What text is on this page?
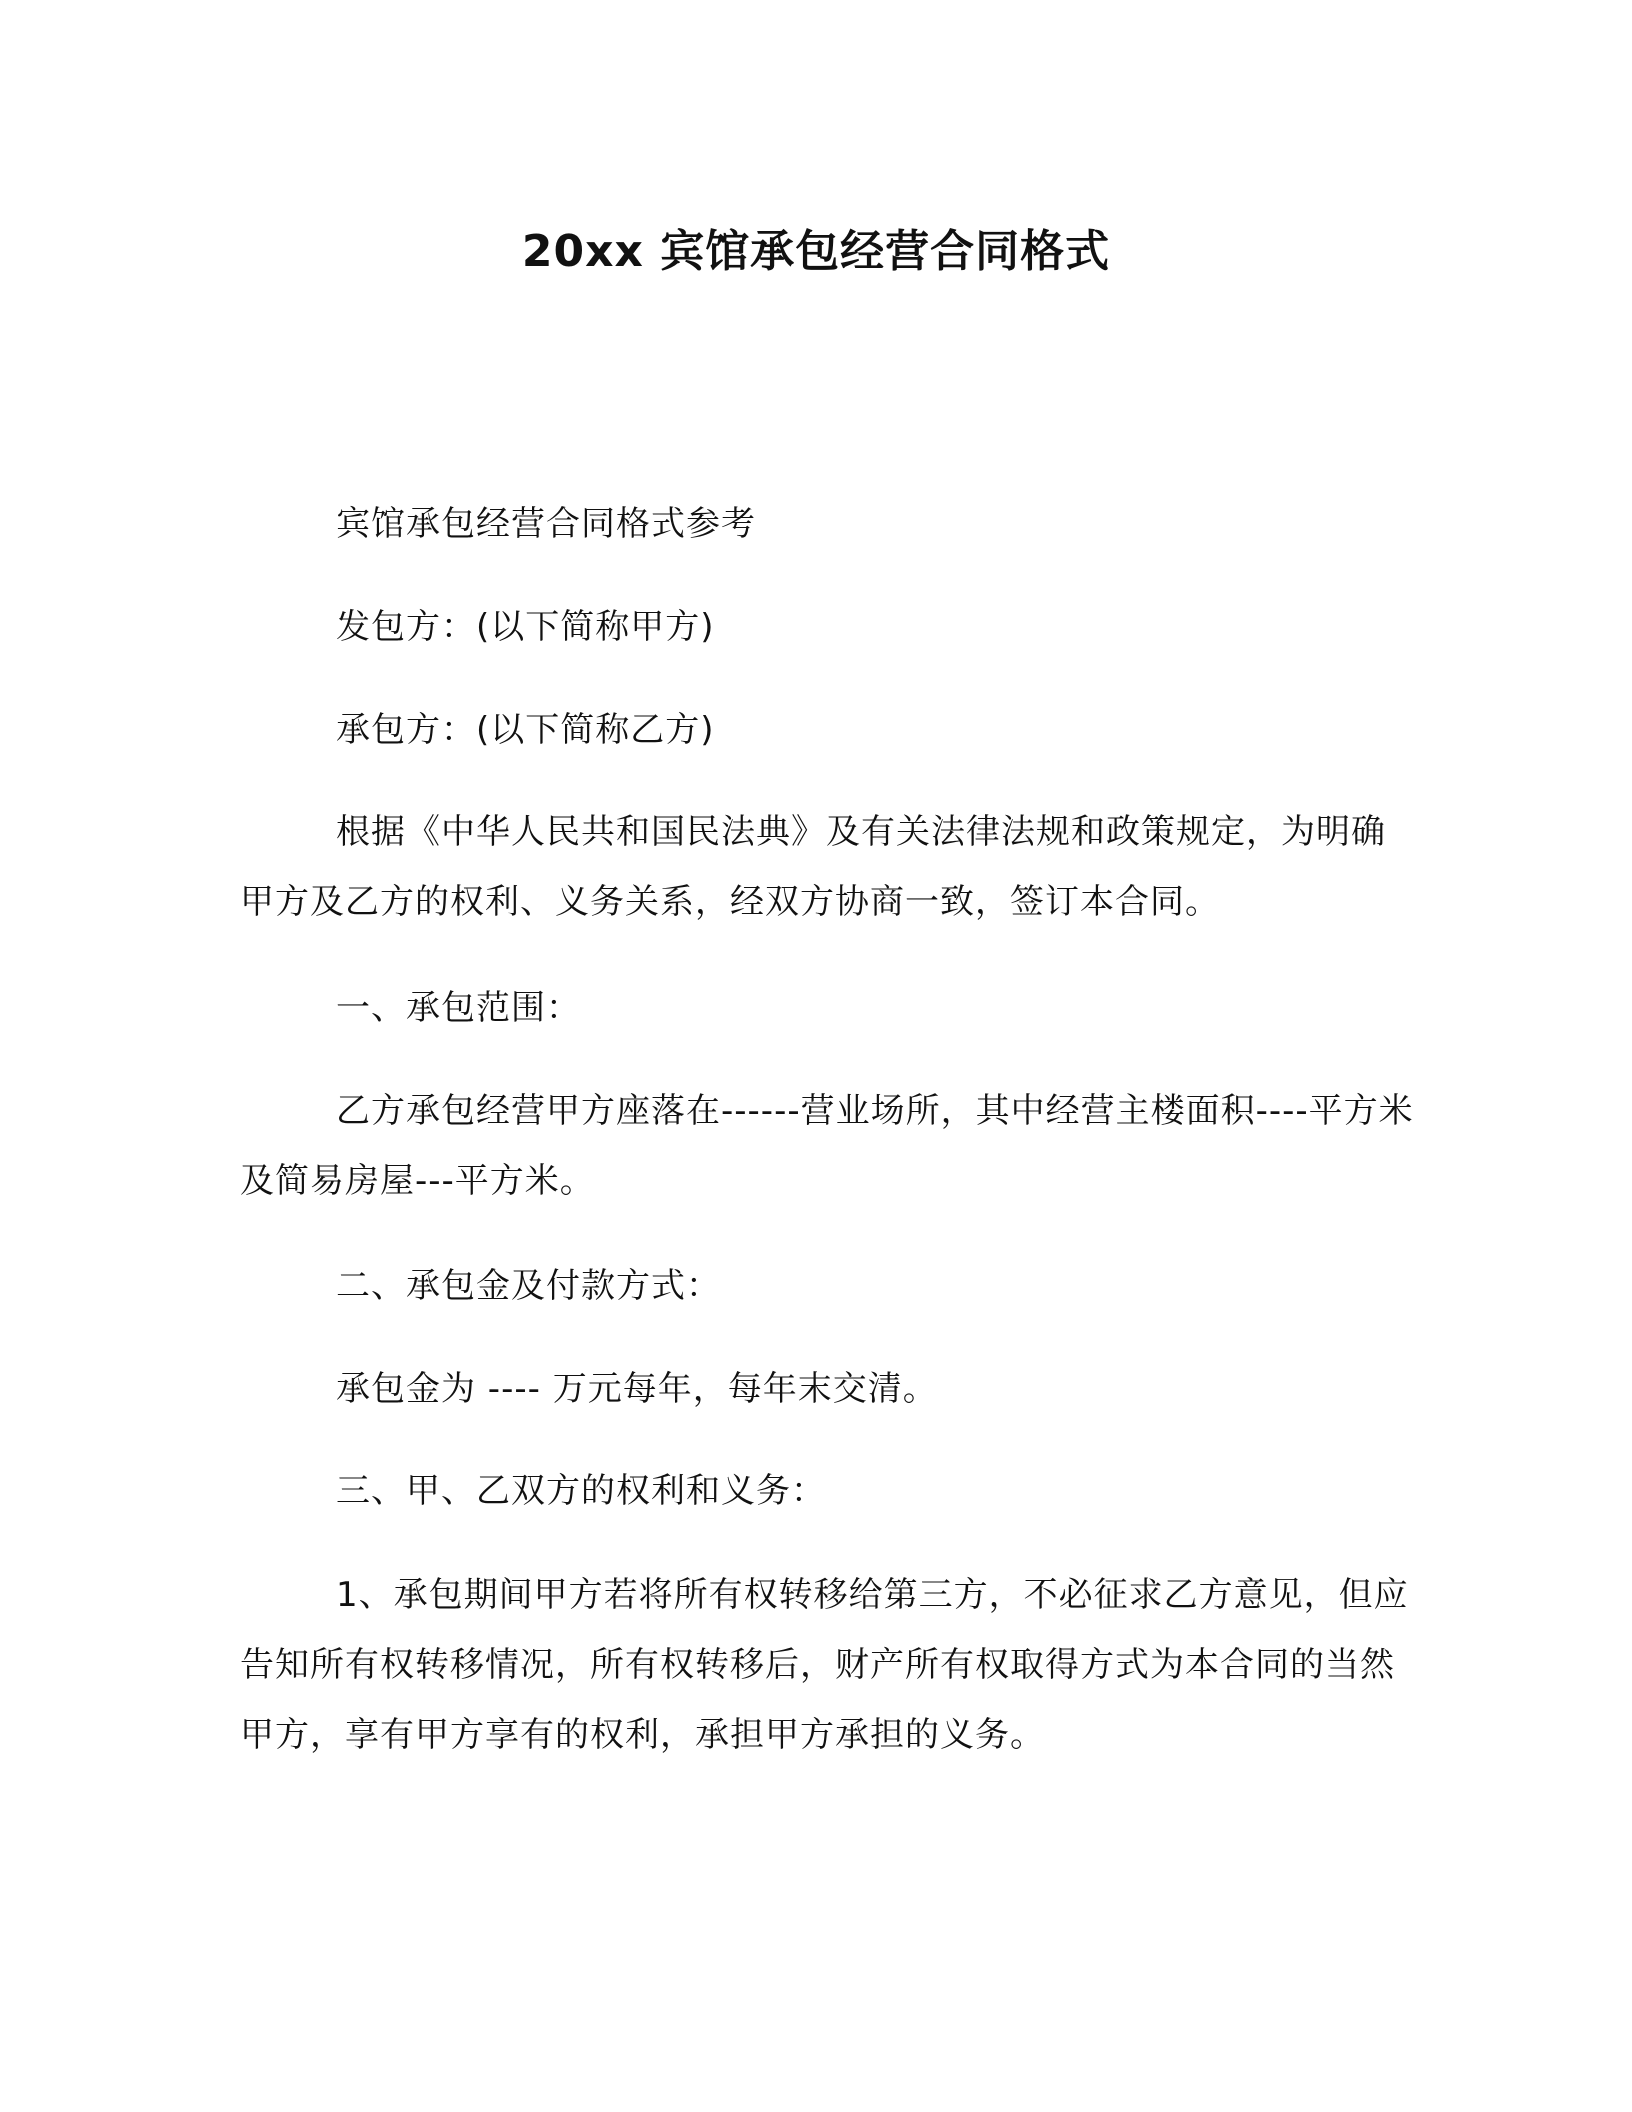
20xx 宾馆承包经营合同格式

宾馆承包经营合同格式参考

发包方：(以下简称甲方)

承包方：(以下简称乙方)

根据《中华人民共和国民法典》及有关法律法规和政策规定，为明确甲方及乙方的权利、义务关系，经双方协商一致，签订本合同。

一、承包范围：

乙方承包经营甲方座落在------营业场所，其中经营主楼面积----平方米及简易房屋---平方米。

二、承包金及付款方式：

承包金为 ---- 万元每年，每年末交清。

三、甲、乙双方的权利和义务：

1、承包期间甲方若将所有权转移给第三方，不必征求乙方意见，但应告知所有权转移情况，所有权转移后，财产所有权取得方式为本合同的当然甲方，享有甲方享有的权利，承担甲方承担的义务。
